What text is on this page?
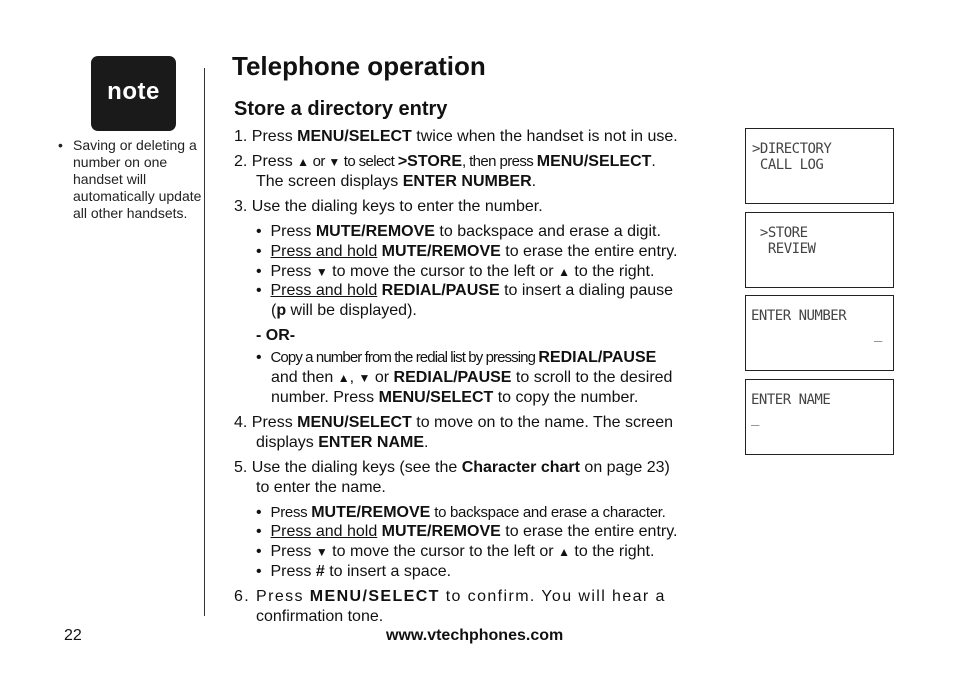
note
• Saving or deleting a number on one handset will automatically update all other handsets.
Telephone operation
Store a directory entry
1. Press MENU/SELECT twice when the handset is not in use.
2. Press ▲ or ▼ to select >STORE, then press MENU/SELECT.
The screen displays ENTER NUMBER.
3. Use the dialing keys to enter the number.
• Press MUTE/REMOVE to backspace and erase a digit.
• Press and hold MUTE/REMOVE to erase the entire entry.
• Press ▼ to move the cursor to the left or ▲ to the right.
• Press and hold REDIAL/PAUSE to insert a dialing pause
(p will be displayed).
- OR-
• Copy a number from the redial list by pressing REDIAL/PAUSE
and then ▲, ▼ or REDIAL/PAUSE to scroll to the desired
number. Press MENU/SELECT to copy the number.
4. Press MENU/SELECT to move on to the name. The screen
displays ENTER NAME.
5. Use the dialing keys (see the Character chart on page 23)
to enter the name.
• Press MUTE/REMOVE to backspace and erase a character.
• Press and hold MUTE/REMOVE to erase the entire entry.
• Press ▼ to move the cursor to the left or ▲ to the right.
• Press # to insert a space.
6. Press MENU/SELECT to confirm. You will hear a
confirmation tone.
>DIRECTORY
CALL LOG
>STORE
REVIEW
ENTER NUMBER
_
ENTER NAME
_
22	www.vtechphones.com
